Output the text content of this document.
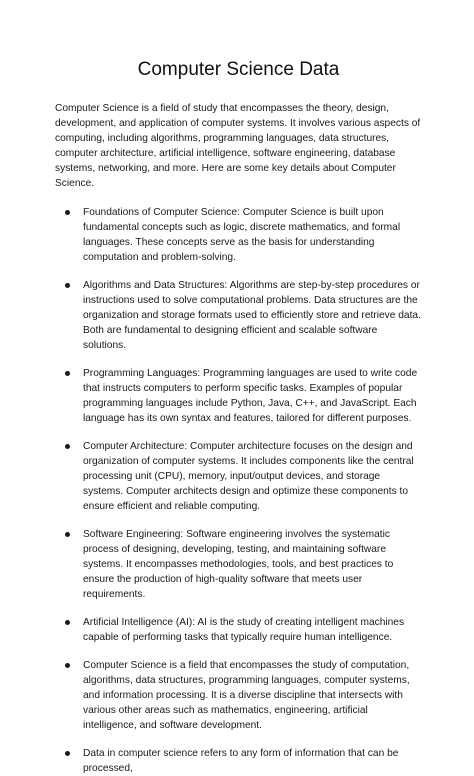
Computer Science Data

Computer Science is a field of study that encompasses the theory, design, development, and application of computer systems. It involves various aspects of computing, including algorithms, programming languages, data structures, computer architecture, artificial intelligence, software engineering, database systems, networking, and more. Here are some key details about Computer Science.

Foundations of Computer Science: Computer Science is built upon fundamental concepts such as logic, discrete mathematics, and formal languages. These concepts serve as the basis for understanding computation and problem-solving.
Algorithms and Data Structures: Algorithms are step-by-step procedures or instructions used to solve computational problems. Data structures are the organization and storage formats used to efficiently store and retrieve data. Both are fundamental to designing efficient and scalable software solutions.
Programming Languages: Programming languages are used to write code that instructs computers to perform specific tasks. Examples of popular programming languages include Python, Java, C++, and JavaScript. Each language has its own syntax and features, tailored for different purposes.
Computer Architecture: Computer architecture focuses on the design and organization of computer systems. It includes components like the central processing unit (CPU), memory, input/output devices, and storage systems. Computer architects design and optimize these components to ensure efficient and reliable computing.
Software Engineering: Software engineering involves the systematic process of designing, developing, testing, and maintaining software systems. It encompasses methodologies, tools, and best practices to ensure the production of high-quality software that meets user requirements.
Artificial Intelligence (AI): AI is the study of creating intelligent machines capable of performing tasks that typically require human intelligence.
Computer Science is a field that encompasses the study of computation, algorithms, data structures, programming languages, computer systems, and information processing. It is a diverse discipline that intersects with various other areas such as mathematics, engineering, artificial intelligence, and software development.
Data in computer science refers to any form of information that can be processed,
